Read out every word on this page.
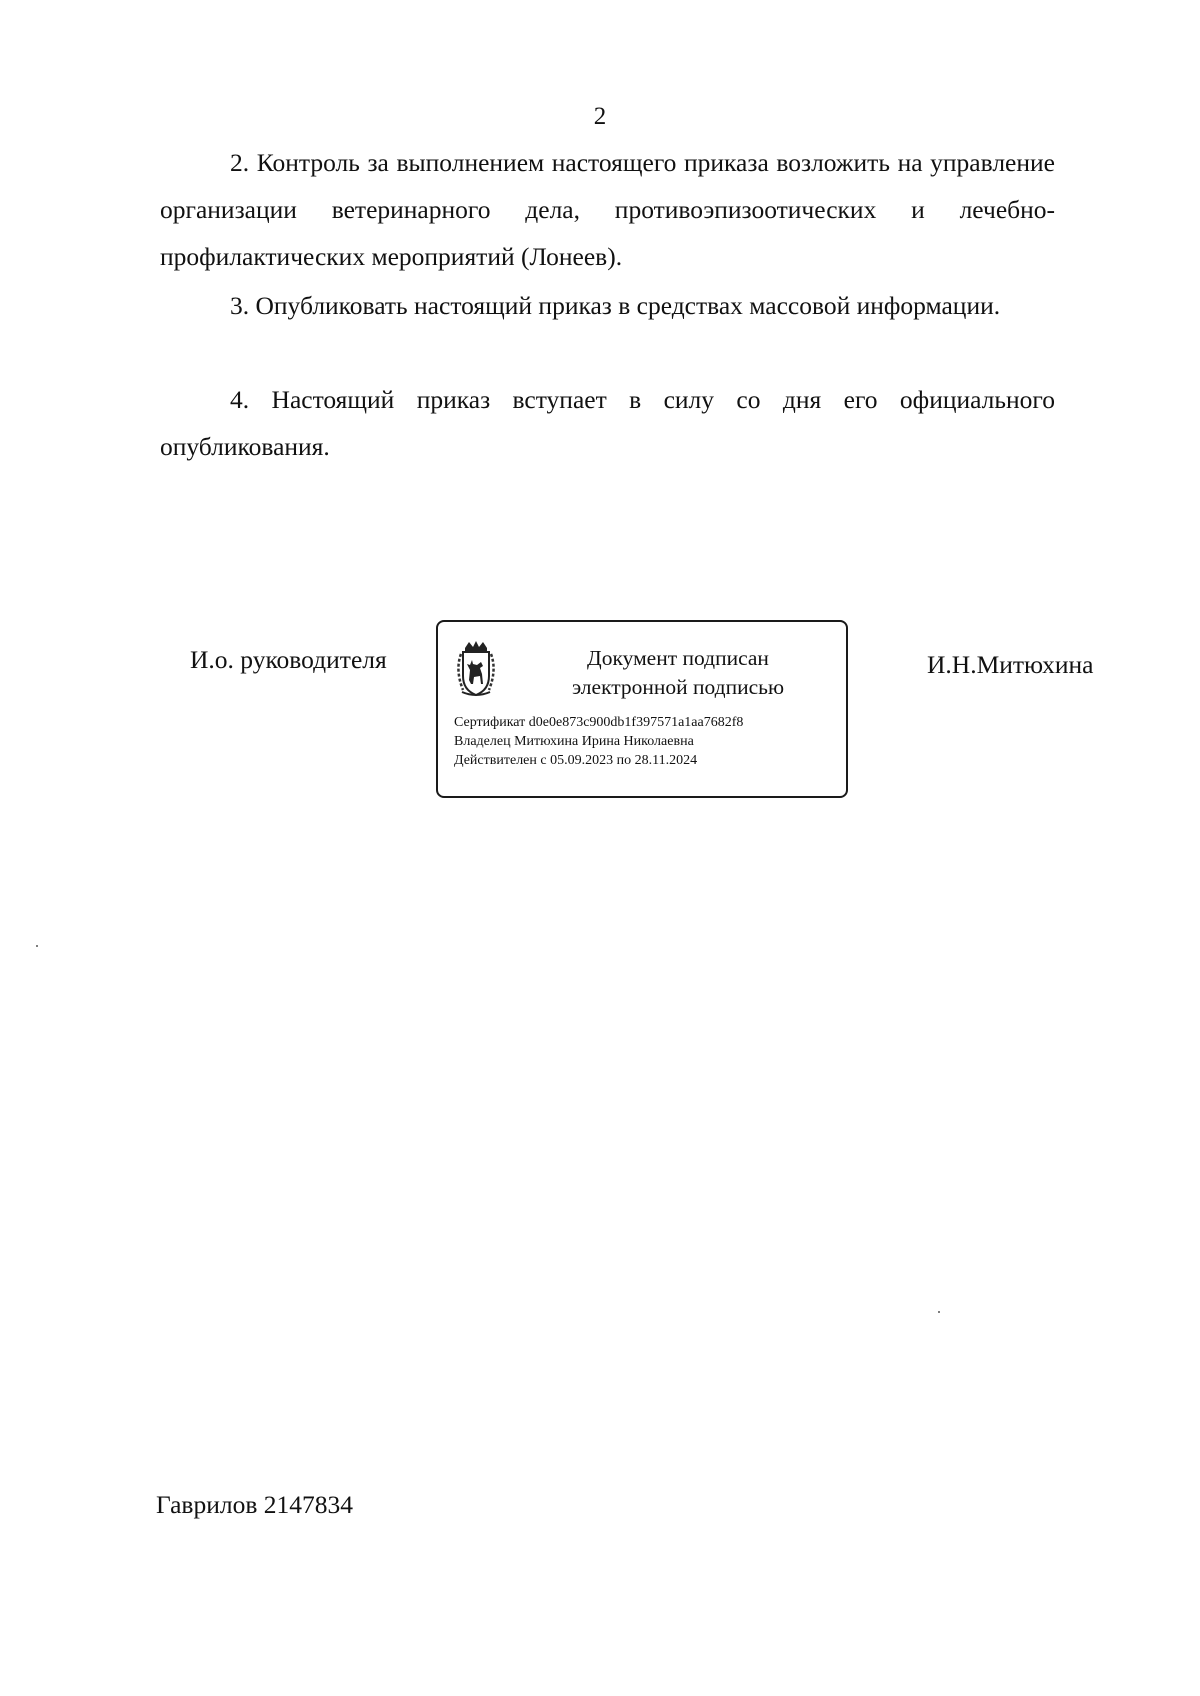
2

2. Контроль за выполнением настоящего приказа возложить на управление организации ветеринарного дела, противоэпизоотических и лечебно-профилактических мероприятий (Лонеев).

3. Опубликовать настоящий приказ в средствах массовой информации.

4. Настоящий приказ вступает в силу со дня его официального опубликования.

И.о. руководителя	Документ подписан
электронной подписью
Сертификат d0e0e873c900db1f397571a1aa7682f8
Владелец Митюхина Ирина Николаевна
Действителен с 05.09.2023 по 28.11.2024
И.Н.Митюхина
Гаврилов 2147834
